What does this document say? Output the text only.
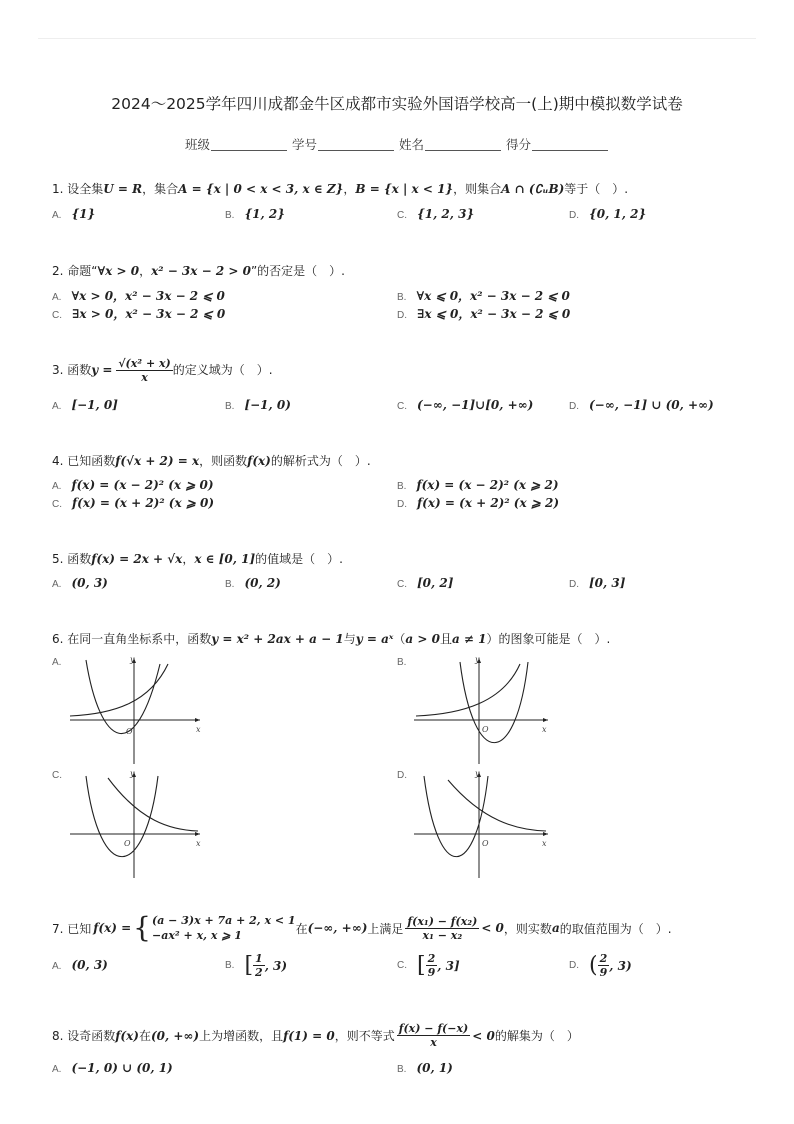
2024～2025学年四川成都金牛区成都市实验外国语学校高一(上)期中模拟数学试卷
班级	学号	姓名	得分
1. 设全集U = R，集合A = {x | 0 < x < 3, x ∈ Z}，B = {x | x < 1}，则集合A ∩ (∁ᵤB)等于（　）.
A. {1}	B. {1, 2}	C. {1, 2, 3}	D. {0, 1, 2}
2. 命题“∀x > 0，x² − 3x − 2 > 0”的否定是（　）.
A. ∀x > 0，x² − 3x − 2 ⩽ 0	B. ∀x ⩽ 0，x² − 3x − 2 ⩽ 0
C. ∃x > 0，x² − 3x − 2 ⩽ 0	D. ∃x ⩽ 0，x² − 3x − 2 ⩽ 0
3. 函数$y = \frac{\text{√(x² + x)}}{x}$ 的定义域为（　）.
A. [−1, 0]	B. [−1, 0)	C. (−∞, −1]∪[0, +∞)	D. (−∞, −1] ∪ (0, +∞)
4. 已知函数f(√x + 2) = x，则函数f(x)的解析式为（　）.
A. f(x) = (x − 2)² (x ⩾ 0)	B. f(x) = (x − 2)² (x ⩾ 2)
C. f(x) = (x + 2)² (x ⩾ 0)	D. f(x) = (x + 2)² (x ⩾ 2)
5. 函数f(x) = 2x + √x，x ∈ [0, 1]的值域是（　）.
A. (0, 3)	B. (0, 2)	C. [0, 2]	D. [0, 3]
6. 在同一直角坐标系中，函数y = x² + 2ax + a − 1与y = aˣ（a > 0且a ≠ 1）的图象可能是（　）.
A.	y
x
O
B.	y
x
O
C.	y
x
O
D.	y
x
O
7. 已知 f(x) = { (a − 3)x + 7a + 2, x < 1
−ax² + x, x ⩾ 1	在 (−∞, +∞) 上满足 $\frac{\text{f(x₁) − f(x₂)}}{\text{x₁ − x₂}} < 0$ ，则实数 a 的取值范围为（　）.
A. (0, 3)	B. [ $\frac{1}{2}$ , 3)	C. [ $\frac{2}{9}$ , 3]	D. ( $\frac{2}{9}$ , 3)
8. 设奇函数 f(x) 在 (0, +∞) 上为增函数，且 f(1) = 0 ，则不等式 $\frac{f(x) - f(-x)}{x} < 0$ 的解集为（　）
A. (−1, 0) ∪ (0, 1)	B. (0, 1)
